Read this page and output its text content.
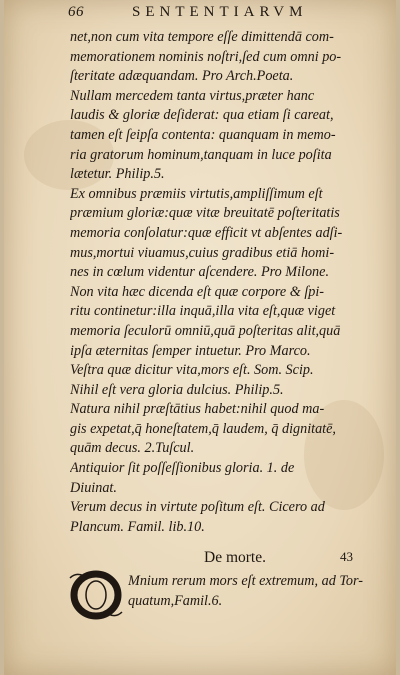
66	SENTENTIARVM
net,non cum vita tempore eſſe dimittendā com-
memorationem nominis noſtri,ſed cum omni po-
ſteritate adæquandam. Pro Arch.Poeta.
Nullam mercedem tanta virtus,præter hanc
laudis & gloriæ deſiderat: qua etiam ſi careat,
tamen eſt ſeipſa contenta: quanquam in memo-
ria gratorum hominum,tanquam in luce poſita
lætetur. Philip.5.
Ex omnibus præmiis virtutis,ampliſſimum eſt
præmium gloriæ:quæ vitæ breuitatē poſteritatis
memoria conſolatur:quæ efficit vt abſentes adſi-
mus,mortui viuamus,cuius gradibus etiā homi-
nes in cœlum videntur aſcendere. Pro Milone.
Non vita hæc dicenda eſt quæ corpore & ſpi-
ritu continetur:illa inquā,illa vita eſt,quæ viget
memoria ſeculorū omniū,quā poſteritas alit,quā
ipſa æternitas ſemper intuetur. Pro Marco.
Veſtra quæ dicitur vita,mors eſt. Som. Scip.
Nihil eſt vera gloria dulcius. Philip.5.
Natura nihil præſtātius habet:nihil quod ma-
gis expetat,q̄ honeſtatem,q̄ laudem, q̄ dignitatē,
quām decus. 2.Tuſcul.
Antiquior ſit poſſeſſionibus gloria. 1. de
Diuinat.
Verum decus in virtute poſitum eſt. Cicero ad
Plancum. Famil. lib.10.
De morte.	43
Mnium rerum mors eſt extremum, ad Tor-
quatum,Famil.6.
